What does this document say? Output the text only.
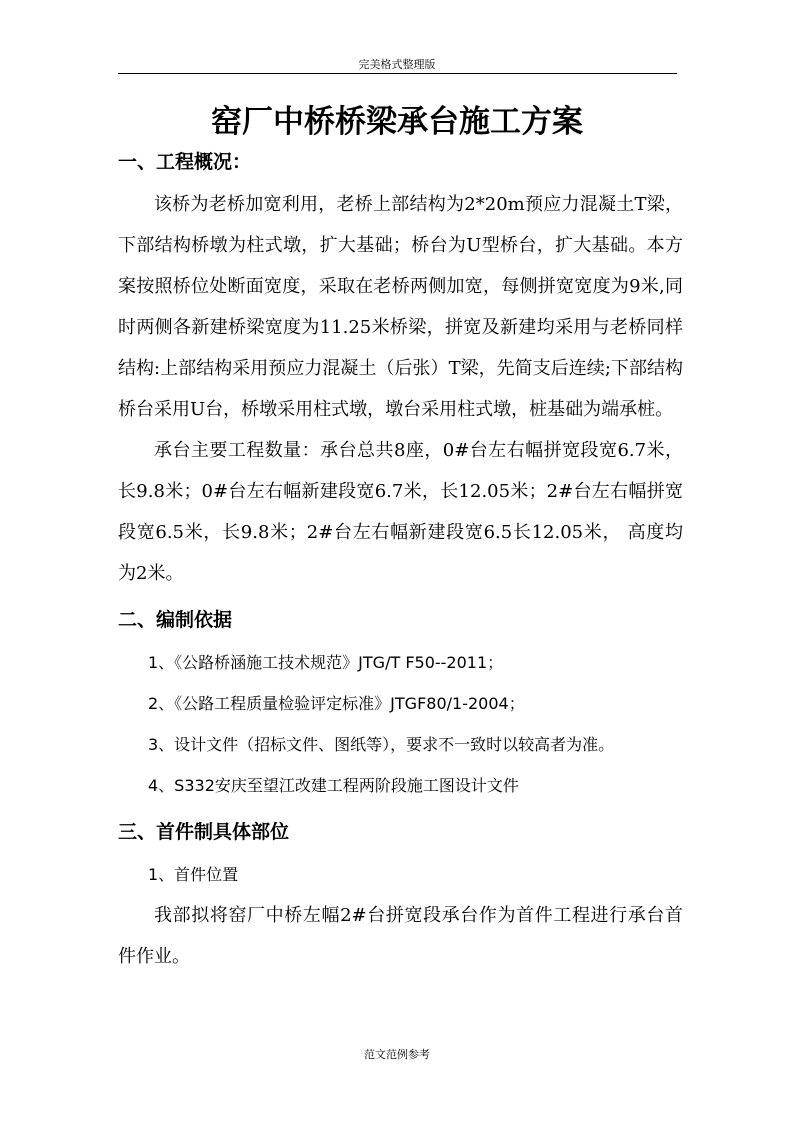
完美格式整理版
窑厂中桥桥梁承台施工方案
一、工程概况：

该桥为老桥加宽利用，老桥上部结构为2*20m预应力混凝土T梁，下部结构桥墩为柱式墩，扩大基础；桥台为U型桥台，扩大基础。本方案按照桥位处断面宽度，采取在老桥两侧加宽，每侧拼宽宽度为9米,同时两侧各新建桥梁宽度为11.25米桥梁，拼宽及新建均采用与老桥同样结构:上部结构采用预应力混凝土（后张）T梁，先简支后连续;下部结构桥台采用U台，桥墩采用柱式墩，墩台采用柱式墩，桩基础为端承桩。

承台主要工程数量：承台总共8座，0#台左右幅拼宽段宽6.7米，长9.8米；0#台左右幅新建段宽6.7米，长12.05米；2#台左右幅拼宽段宽6.5米，长9.8米；2#台左右幅新建段宽6.5长12.05米， 高度均为2米。

二、编制依据
1、《公路桥涵施工技术规范》JTG/T F50--2011；
2、《公路工程质量检验评定标准》JTGF80/1-2004；
3、设计文件（招标文件、图纸等），要求不一致时以较高者为准。
4、S332安庆至望江改建工程两阶段施工图设计文件
三、首件制具体部位
1、首件位置

我部拟将窑厂中桥左幅2#台拼宽段承台作为首件工程进行承台首件作业。

范文范例参考
